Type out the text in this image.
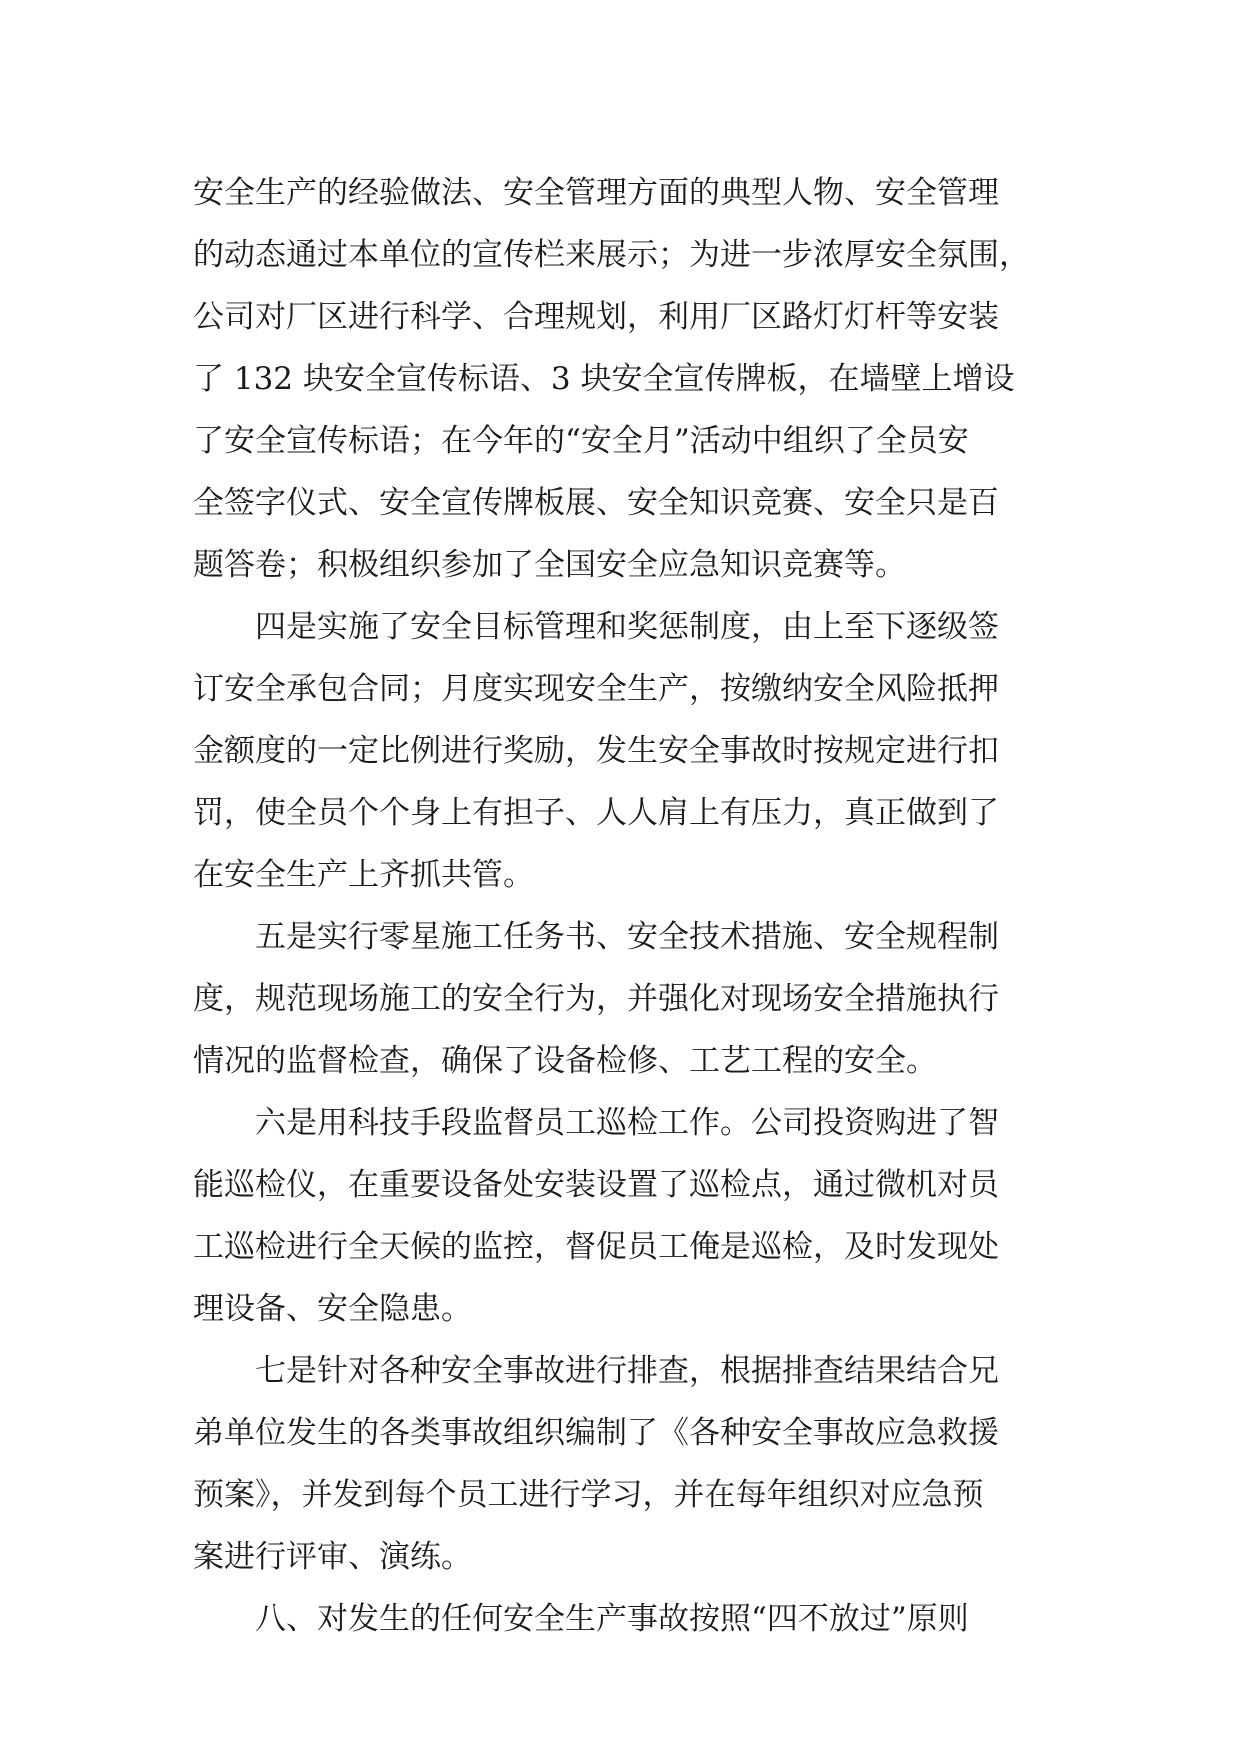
安全生产的经验做法、安全管理方面的典型人物、安全管理
的动态通过本单位的宣传栏来展示；为进一步浓厚安全氛围，
公司对厂区进行科学、合理规划，利用厂区路灯灯杆等安装
了 132 块安全宣传标语、3 块安全宣传牌板，在墙壁上增设
了安全宣传标语；在今年的“安全月”活动中组织了全员安
全签字仪式、安全宣传牌板展、安全知识竞赛、安全只是百
题答卷；积极组织参加了全国安全应急知识竞赛等。
四是实施了安全目标管理和奖惩制度，由上至下逐级签
订安全承包合同；月度实现安全生产，按缴纳安全风险抵押
金额度的一定比例进行奖励，发生安全事故时按规定进行扣
罚，使全员个个身上有担子、人人肩上有压力，真正做到了
在安全生产上齐抓共管。
五是实行零星施工任务书、安全技术措施、安全规程制
度，规范现场施工的安全行为，并强化对现场安全措施执行
情况的监督检查，确保了设备检修、工艺工程的安全。
六是用科技手段监督员工巡检工作。公司投资购进了智
能巡检仪，在重要设备处安装设置了巡检点，通过微机对员
工巡检进行全天候的监控，督促员工俺是巡检，及时发现处
理设备、安全隐患。
七是针对各种安全事故进行排查，根据排查结果结合兄
弟单位发生的各类事故组织编制了《各种安全事故应急救援
预案》，并发到每个员工进行学习，并在每年组织对应急预
案进行评审、演练。
八、对发生的任何安全生产事故按照“四不放过”原则
